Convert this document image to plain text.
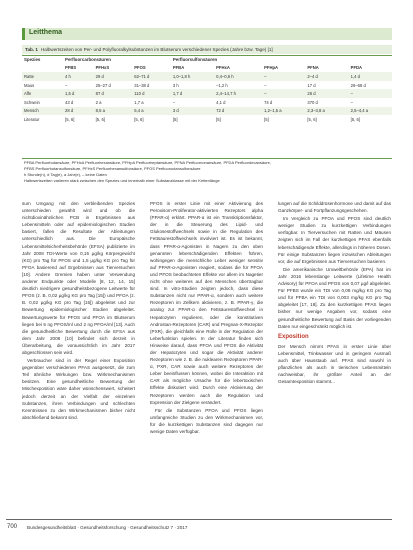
Leitthema
Tab. 1 Halbwertszeiten von Per- und Polyfluoralkylsubstanzen im Blutserum verschiedener Spezies (Jahre bzw. Tage) [1]
Spezies	Perfluorcarbonsäuren			Perfluorsulfonsäuren				
	PFBS	PFHxS	PFOS	PFBA	PFHxA	PFHpA	PFNA	PFDA
Ratte	4 h	29 d	62–71 d	1,0–1,8 h	0,4–0,6 h	–	2–4 d	1,4 d
Maus	–	25–27 d	31–38 d	3 h	–1,2 h	–	17 d	26–68 d
Affe	1,5 d	87 d	110 d	1,7 d	2,4–14,7 h	–	26 d	–
Schwein	43 d	2 a	1,7 a	–	4,1 d	74 d	370 d	–
Mensch	28 d	8,5 a	5,4 a	3 d	72 d	1,2–1,5 a	2,3–3,8 a	2,5–4,4 a
Literatur	[5, 6]	[5, 6]	[5, 6]	[5]	[5]	[5]	[5, 6]	[5, 6]
PFBA Perfluorbutansäure, PFHxA Perfluorhexansäure, PFHpA Perfluorheptansäure, PFNA Perfluornonansäure, PFDA Perfluordecansäure,
PFBS Perfluorbutansulfonsäure, PFHxS Perfluorhexansulfonsäure, PFOS Perfluoroctansulfonsäure
h Stunde(n), d Tag(e), a Jahr(e), – keine Daten
Halbwertszeiten variieren stark zwischen den Spezies und innerhalb einer Substanzklasse mit der Kettenlänge

sum Umgang mit den verbleibenden Spezies unterschieden gewählt wird und ob die nichtdioxinähnlichen PCB in Ergebnissen aus Lebensmitteln oder auf epidemiologischen Studien basiert, fallen die Resultate der Ableitungen unterschiedlich aus. Die Europäische Lebensmittelsicherheitsbehörde (EFSA) publizierte im Jahr 2008 TDI-Werte von 0,15 µg/kg Körpergewicht (KG) pro Tag für PFOS und 1,5 µg/kg KG pro Tag für PFOA basierend auf Ergebnissen aus Tierversuchen [10]. Andere Gremien haben unter Verwendung anderer Endpunkte oder Modelle [8, 12, 14, 15] deutlich niedrigere gesundheitsbezogene Leitwerte für PFOS (z. B. 0,02 µg/kg KG pro Tag [15]) und PFOA (z. B. 0,02 µg/kg KG pro Tag [15]) abgeleitet und zur Bewertung epidemiologischer Studien abgeleitet. Bewertungswerte für PFOS und PFOA im Blutserum liegen bei 5 ng PFOS/ml und 2 ng PFOA/ml [13]. Auch die gesundheitliche Bewertung durch die EFSA aus dem Jahr 2008 [10] befindet sich derzeit in Überarbeitung, die voraussichtlich im Jahr 2017 abgeschlossen sein wird.

Verbraucher sind in der Regel einer Exposition gegenüber verschiedenen PFAS ausgesetzt, die zum Teil ähnliche Wirkungen bzw. Wirkmechanismen besitzen. Eine gesundheitliche Bewertung der Mischexposition wäre daher wünschenswert, scheitert jedoch derzeit an der Vielfalt der einzelnen Substanzen, ihren Verbindungen und schlechten Kenntnissen zu den Wirkmechanismen bisher nicht abschließend bekannt sind.

PFOS in erster Linie mit einer Aktivierung des Peroxisom-Proliferator-aktivierten Rezeptors alpha (PPAR-α) erklärt. PPAR-α ist ein Transkriptionsfaktor, der in die Steuerung des Lipid- und Glukosestoffwechsels sowie in die Regulation des Fettsäurestoffwechsels involviert ist. Es ist bekannt, dass PPAR-α-Agonisten in Nagern zu den oben genannten leberschädigenden Effekten führen, wohingegen die menschliche Leber weniger sensitiv auf PPAR-α-Agonisten reagiert, sodass die für PFOA und PFOS beobachteten Effekte vor allem im Nagetier nicht ohne weiteres auf den Menschen übertragbar sind. In vitro-Studien zeigten jedoch, dass diese Substanzen nicht nur PPAR-α, sondern auch weitere Rezeptoren im Zellkern aktivieren, z. B. PPAR-γ, die analog zur PPAR-α den Fettsäurestoffwechsel in Hepatozyten regulieren, oder die konstitutiven Androstan-Rezeptoren (CAR) und Pregnan-X-Rezeptor (PXR), die gleichfalls eine Rolle in der Regulation der Leberfunktion spielen. In der Literatur finden sich Hinweise darauf, dass PFOA und PFOS die Aktivität der Hepatozyten und sogar die Aktivität anderer Rezeptoren wie z. B. die nuklearen Rezeptoren PPAR-α, PXR, CAR sowie auch weitere Rezeptoren der Leber beeinflussen können, wobei die Interaktion mit CAR als mögliche Ursache für die lebertoxischen Effekte diskutiert wird. Durch eine Aktivierung der Rezeptoren werden auch die Regulation und Expression der Zielgene verändert.

Für die Substanzen PFOA und PFOS liegen umfangreiche Studien zu den Wirkmechanismen vor, für die kurzkettigen Substanzen sind dagegen nur wenige Daten verfügbar.

lungen auf die Schilddrüsenhormone und damit auf das Ganzkörper- und Fortpflanzungsgeschehen.

Im Vergleich zu PFOA und PFOS sind deutlich weniger Studien zu kurzkettigen Verbindungen verfügbar. In Tierversuchen mit Ratten und Mäusen zeigten sich im Fall der kurzkettigen PFAS ebenfalls leberschädigende Effekte, allerdings in höheren Dosen. Für einige Substanzen liegen inzwischen Ableitungen vor, die auf Ergebnissen aus Tierversuchen basieren.

Die amerikanische Umweltbehörde (EPA) hat im Jahr 2016 lebenslange Leitwerte (Lifetime Health Advisory) für PFOA und PFOS von 0,07 µg/l abgeleitet. Für PFBS wurde ein TDI von 0,08 mg/kg KG pro Tag und für PFBA ein TDI von 0,003 mg/kg KG pro Tag abgeleitet [17, 18]. Zu den kurzkettigen PFAS liegen bisher nur wenige Angaben vor, sodass eine gesundheitliche Bewertung auf Basis der vorliegenden Daten nur eingeschränkt möglich ist.

Exposition

Der Mensch nimmt PFAS in erster Linie über Lebensmittel, Trinkwasser und in geringem Ausmaß auch über Hausstaub auf. PFAS sind sowohl in pflanzlichen als auch in tierischen Lebensmitteln nachweisbar, ihr größter Anteil an der Gesamtexposition stammt...

700 Bundesgesundheitsblatt · Gesundheitsforschung · Gesundheitsschutz 7 · 2017
